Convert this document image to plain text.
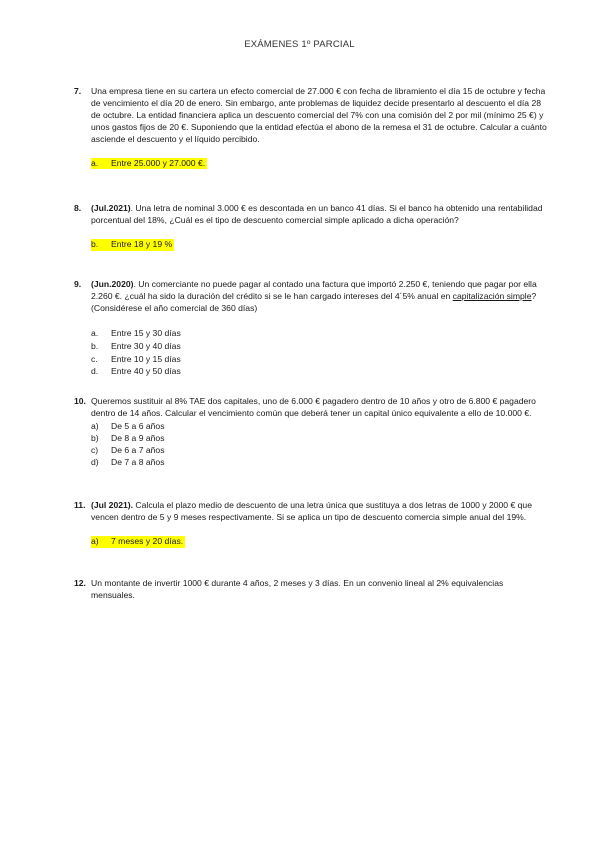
EXÁMENES 1º PARCIAL
7. Una empresa tiene en su cartera un efecto comercial de 27.000 € con fecha de libramiento el día 15 de octubre y fecha de vencimiento el día 20 de enero. Sin embargo, ante problemas de liquidez decide presentarlo al descuento el día 28 de octubre. La entidad financiera aplica un descuento comercial del 7% con una comisión del 2 por mil (mínimo 25 €) y unos gastos fijos de 20 €. Suponiendo que la entidad efectúa el abono de la remesa el 31 de octubre. Calcular a cuánto asciende el descuento y el líquido percibido.
a.	Entre 25.000 y 27.000 €.
8. (Jul.2021). Una letra de nominal 3.000 € es descontada en un banco 41 días. Si el banco ha obtenido una rentabilidad porcentual del 18%, ¿Cuál es el tipo de descuento comercial simple aplicado a dicha operación?
b.	Entre 18 y 19 %
9. (Jun.2020). Un comerciante no puede pagar al contado una factura que importó 2.250 €, teniendo que pagar por ella 2.260 €. ¿cuál ha sido la duración del crédito si se le han cargado intereses del 4´5% anual en capitalización simple? (Considérese el año comercial de 360 días)
a.	Entre 15 y 30 días
b.	Entre 30 y 40 días
c.	Entre 10 y 15 días
d.	Entre 40 y 50 días
10. Queremos sustituir al 8% TAE dos capitales, uno de 6.000 € pagadero dentro de 10 años y otro de 6.800 € pagadero dentro de 14 años. Calcular el vencimiento común que deberá tener un capital único equivalente a ello de 10.000 €.
a)	De 5 a 6 años
b)	De 8 a 9 años
c)	De 6 a 7 años
d)	De 7 a 8 años
11. (Jul 2021). Calcula el plazo medio de descuento de una letra única que sustituya a dos letras de 1000 y 2000 € que vencen dentro de 5 y 9 meses respectivamente. Si se aplica un tipo de descuento comercia simple anual del 19%.
a)	7 meses y 20 días.
12. Un montante de invertir 1000 € durante 4 años, 2 meses y 3 días. En un convenio lineal al 2% equivalencias mensuales.
